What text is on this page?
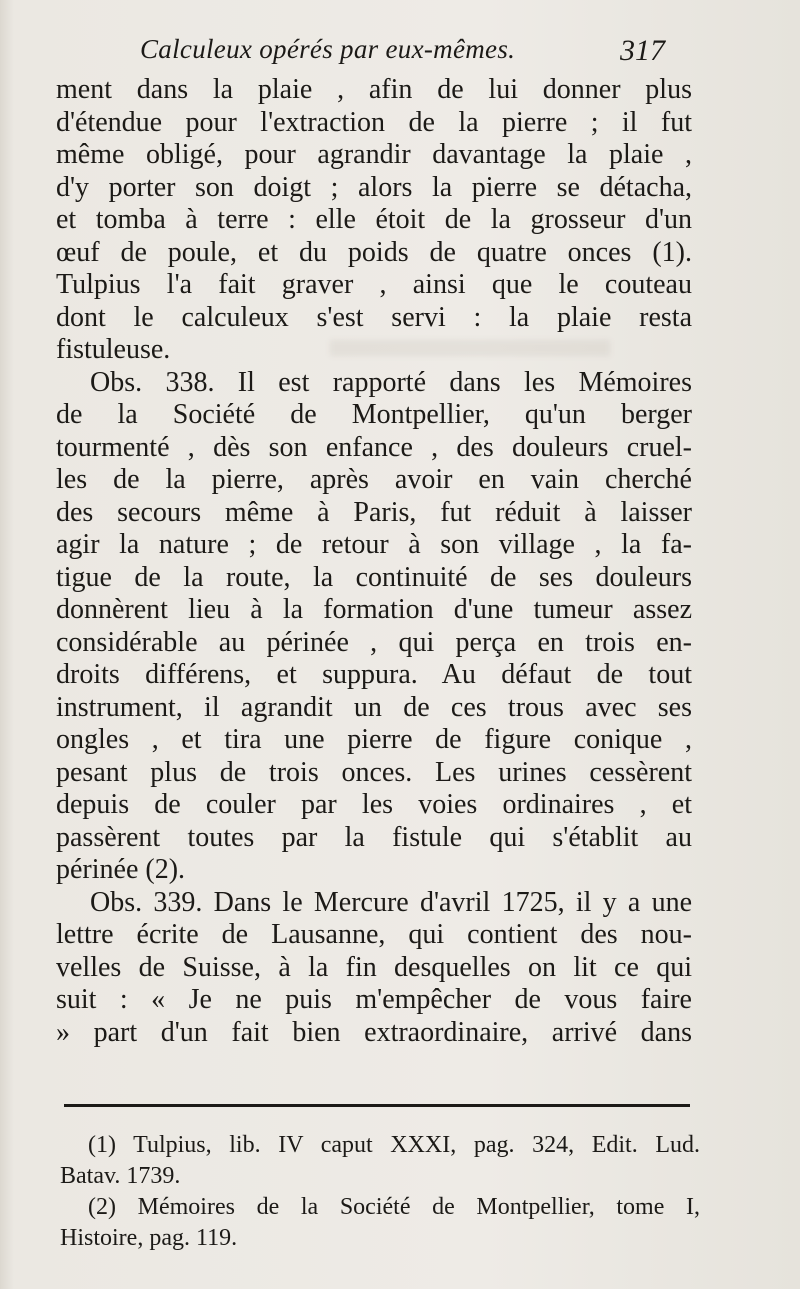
Calculeux opérés par eux-mêmes.	317
ment dans la plaie , afin de lui donner plus
d'étendue pour l'extraction de la pierre ; il fut
même obligé, pour agrandir davantage la plaie ,
d'y porter son doigt ; alors la pierre se détacha,
et tomba à terre : elle étoit de la grosseur d'un
œuf de poule, et du poids de quatre onces (1).
Tulpius l'a fait graver , ainsi que le couteau
dont le calculeux s'est servi : la plaie resta
fistuleuse.
Obs. 338. Il est rapporté dans les Mémoires
de la Société de Montpellier, qu'un berger
tourmenté , dès son enfance , des douleurs cruel-
les de la pierre, après avoir en vain cherché
des secours même à Paris, fut réduit à laisser
agir la nature ; de retour à son village , la fa-
tigue de la route, la continuité de ses douleurs
donnèrent lieu à la formation d'une tumeur assez
considérable au périnée , qui perça en trois en-
droits différens, et suppura. Au défaut de tout
instrument, il agrandit un de ces trous avec ses
ongles , et tira une pierre de figure conique ,
pesant plus de trois onces. Les urines cessèrent
depuis de couler par les voies ordinaires , et
passèrent toutes par la fistule qui s'établit au
périnée (2).
Obs. 339. Dans le Mercure d'avril 1725, il y a une
lettre écrite de Lausanne, qui contient des nou-
velles de Suisse, à la fin desquelles on lit ce qui
suit : « Je ne puis m'empêcher de vous faire
» part d'un fait bien extraordinaire, arrivé dans
(1) Tulpius, lib. IV caput XXXI, pag. 324, Edit. Lud.
Batav. 1739.
(2) Mémoires de la Société de Montpellier, tome I,
Histoire, pag. 119.
